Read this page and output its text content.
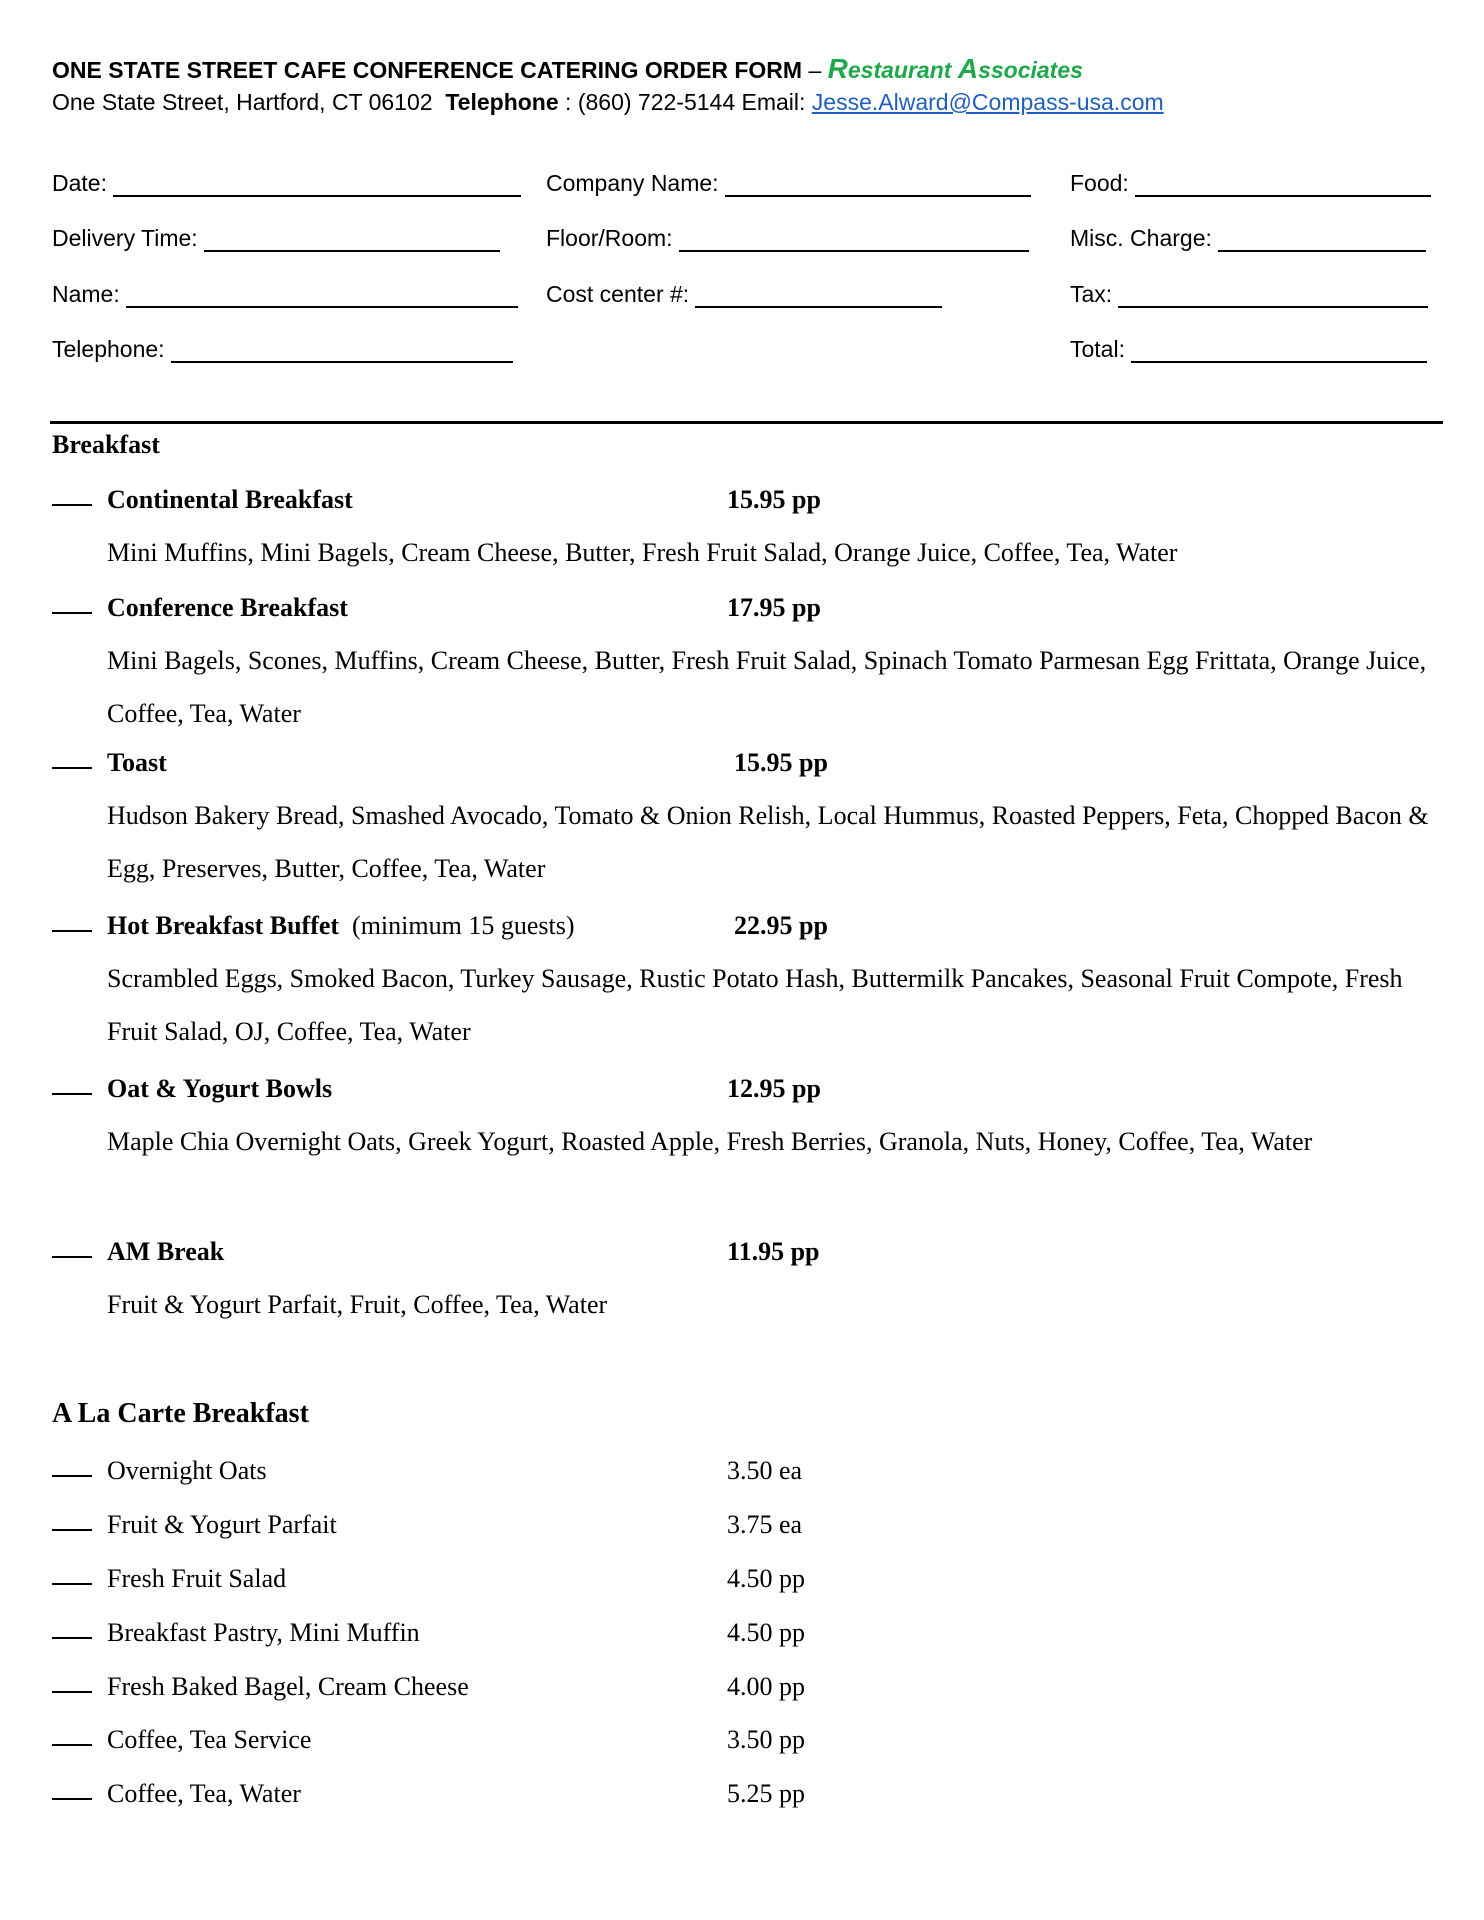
ONE STATE STREET CAFE CONFERENCE CATERING ORDER FORM – Restaurant Associates
One State Street, Hartford, CT 06102 Telephone : (860) 722-5144 Email: Jesse.Alward@Compass-usa.com
Date:
Delivery Time:
Name:
Telephone:
Company Name:
Floor/Room:
Cost center #:
Food:
Misc. Charge:
Tax:
Total:
Breakfast
Continental Breakfast	15.95 pp
Mini Muffins, Mini Bagels, Cream Cheese, Butter, Fresh Fruit Salad, Orange Juice, Coffee, Tea, Water
Conference Breakfast	17.95 pp
Mini Bagels, Scones, Muffins, Cream Cheese, Butter, Fresh Fruit Salad, Spinach Tomato Parmesan Egg Frittata, Orange Juice, Coffee, Tea, Water
Toast	15.95 pp
Hudson Bakery Bread, Smashed Avocado, Tomato & Onion Relish, Local Hummus, Roasted Peppers, Feta, Chopped Bacon & Egg, Preserves, Butter, Coffee, Tea, Water
Hot Breakfast Buffet (minimum 15 guests)	22.95 pp
Scrambled Eggs, Smoked Bacon, Turkey Sausage, Rustic Potato Hash, Buttermilk Pancakes, Seasonal Fruit Compote, Fresh Fruit Salad, OJ, Coffee, Tea, Water
Oat & Yogurt Bowls	12.95 pp
Maple Chia Overnight Oats, Greek Yogurt, Roasted Apple, Fresh Berries, Granola, Nuts, Honey, Coffee, Tea, Water
AM Break	11.95 pp
Fruit & Yogurt Parfait, Fruit, Coffee, Tea, Water
A La Carte Breakfast
Overnight Oats	3.50 ea
Fruit & Yogurt Parfait	3.75 ea
Fresh Fruit Salad	4.50 pp
Breakfast Pastry, Mini Muffin	4.50 pp
Fresh Baked Bagel, Cream Cheese	4.00 pp
Coffee, Tea Service	3.50 pp
Coffee, Tea, Water	5.25 pp
